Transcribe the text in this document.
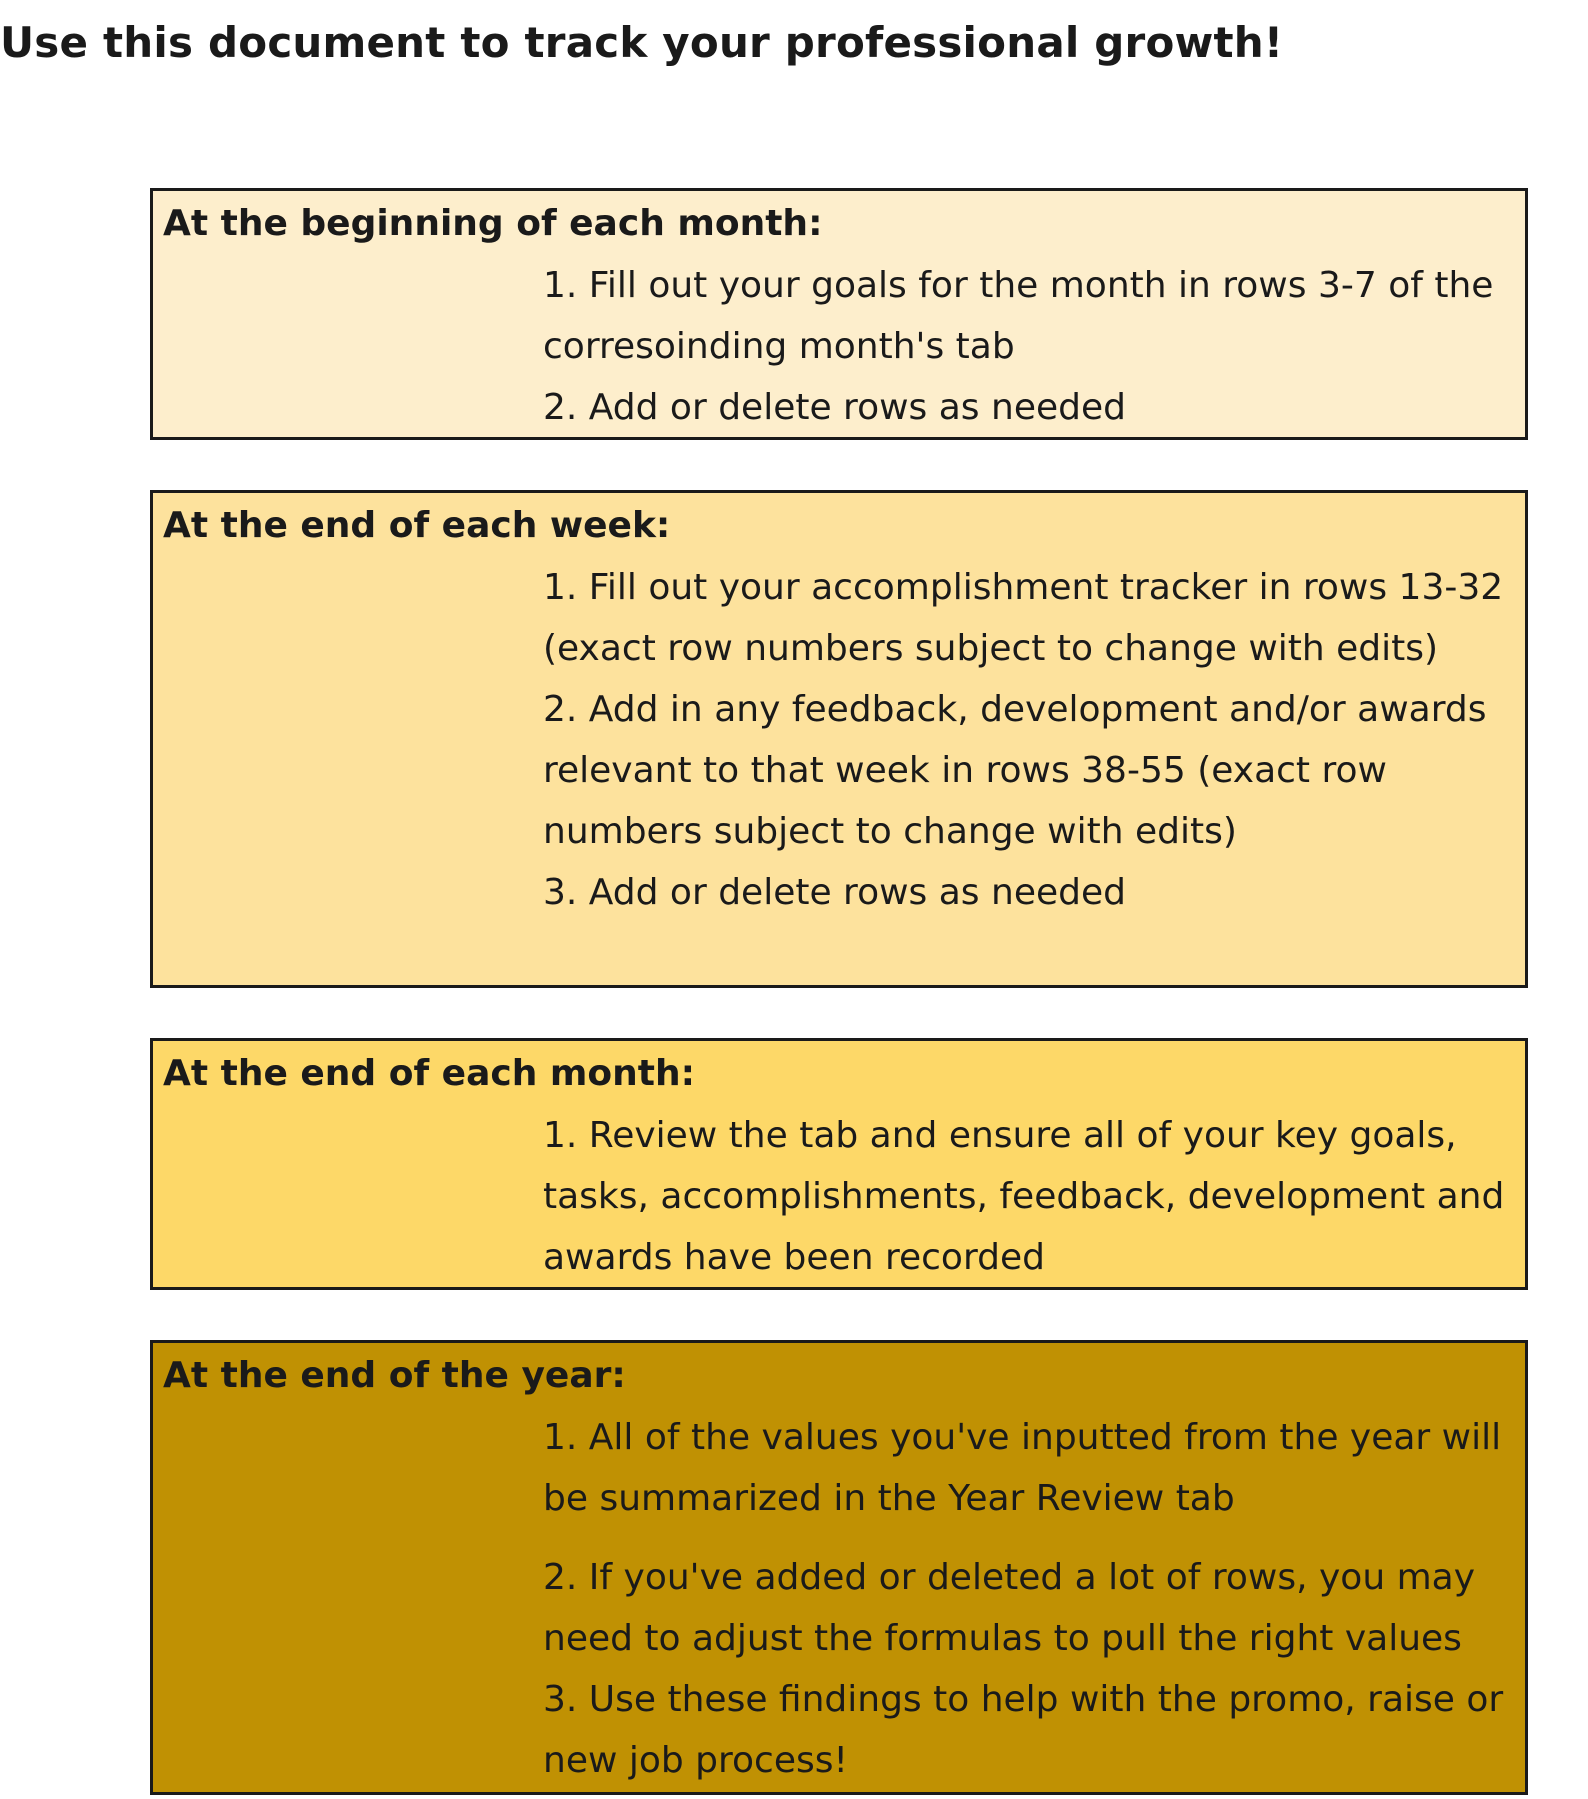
Use this document to track your professional growth!
At the beginning of each month:

1. Fill out your goals for the month in rows 3-7 of the corresoinding month's tab

2. Add or delete rows as needed

At the end of each week:

1. Fill out your accomplishment tracker in rows 13-32 (exact row numbers subject to change with edits)

2. Add in any feedback, development and/or awards relevant to that week in rows 38-55 (exact row numbers subject to change with edits)

3. Add or delete rows as needed

At the end of each month:

1. Review the tab and ensure all of your key goals, tasks, accomplishments, feedback, development and awards have been recorded

At the end of the year:

1. All of the values you've inputted from the year will be summarized in the Year Review tab

2. If you've added or deleted a lot of rows, you may need to adjust the formulas to pull the right values

3. Use these findings to help with the promo, raise or new job process!
